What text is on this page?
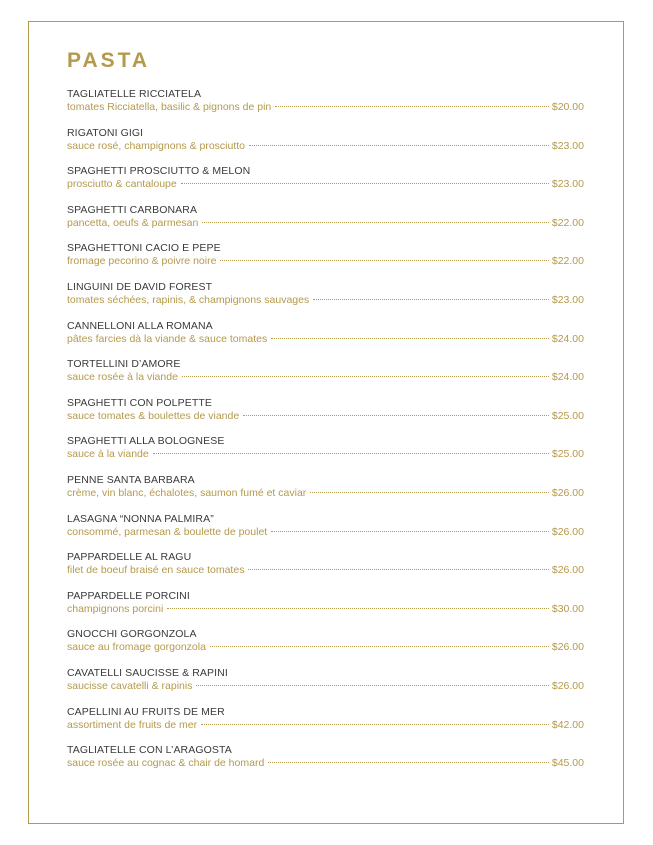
PASTA
TAGLIATELLE RICCIATELA
tomates Ricciatella, basilic & pignons de pin	$20.00
RIGATONI GIGI
sauce rosé, champignons & prosciutto	$23.00
SPAGHETTI PROSCIUTTO & MELON
prosciutto & cantaloupe	$23.00
SPAGHETTI CARBONARA
pancetta, oeufs & parmesan	$22.00
SPAGHETTONI CACIO E PEPE
fromage pecorino & poivre noire	$22.00
LINGUINI DE DAVID FOREST
tomates séchées, rapinis, & champignons sauvages	$23.00
CANNELLONI ALLA ROMANA
pâtes farcies dà la viande & sauce tomates	$24.00
TORTELLINI D’AMORE
sauce rosée à la viande	$24.00
SPAGHETTI CON POLPETTE
sauce tomates & boulettes de viande	$25.00
SPAGHETTI ALLA BOLOGNESE
sauce à la viande	$25.00
PENNE SANTA BARBARA
crème, vin blanc, échalotes, saumon fumé et caviar	$26.00
LASAGNA “NONNA PALMIRA”
consommé, parmesan & boulette de poulet	$26.00
PAPPARDELLE AL RAGU
filet de boeuf braisé en sauce tomates	$26.00
PAPPARDELLE PORCINI
champignons porcini	$30.00
GNOCCHI GORGONZOLA
sauce au fromage gorgonzola	$26.00
CAVATELLI SAUCISSE & RAPINI
saucisse cavatelli & rapinis	$26.00
CAPELLINI AU FRUITS DE MER
assortiment de fruits de mer	$42.00
TAGLIATELLE CON L’ARAGOSTA
sauce rosée au cognac & chair de homard	$45.00
